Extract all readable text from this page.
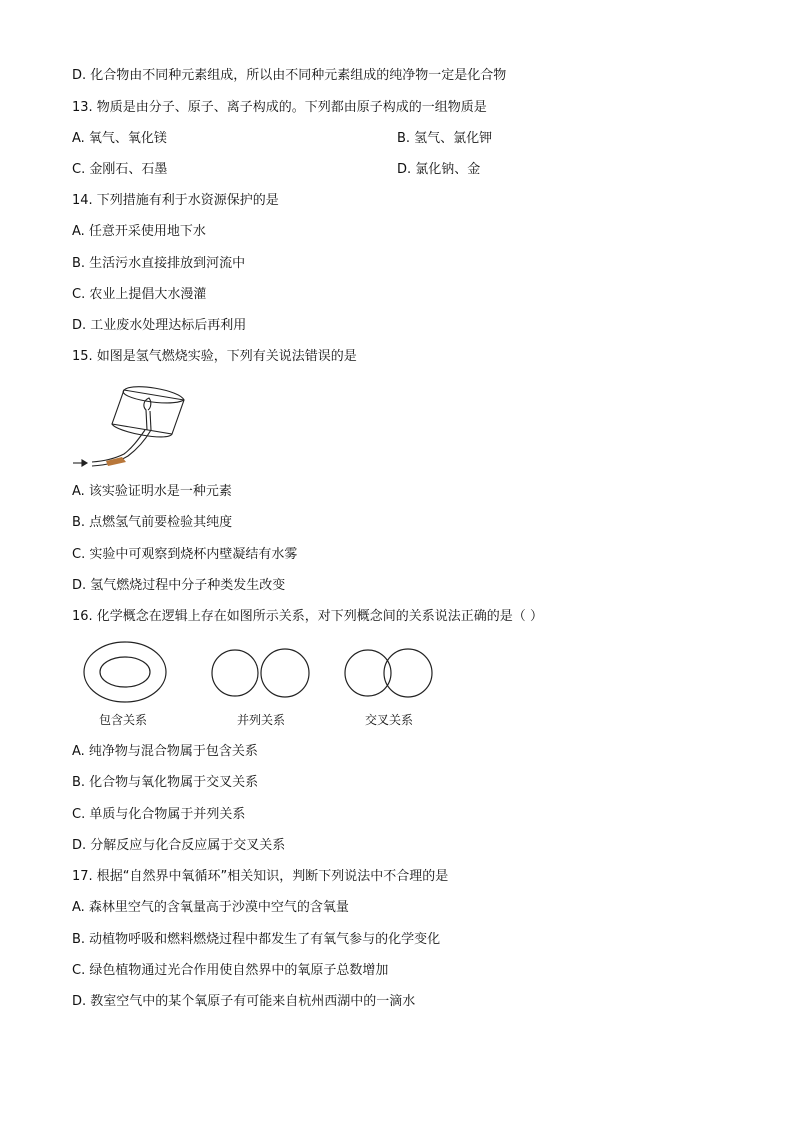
D. 化合物由不同种元素组成，所以由不同种元素组成的纯净物一定是化合物
13. 物质是由分子、原子、离子构成的。下列都由原子构成的一组物质是
A. 氧气、氧化镁	B. 氢气、氯化钾
C. 金刚石、石墨	D. 氯化钠、金
14. 下列措施有利于水资源保护的是
A. 任意开采使用地下水
B. 生活污水直接排放到河流中
C. 农业上提倡大水漫灌
D. 工业废水处理达标后再利用
15. 如图是氢气燃烧实验，下列有关说法错误的是
A. 该实验证明水是一种元素
B. 点燃氢气前要检验其纯度
C. 实验中可观察到烧杯内壁凝结有水雾
D. 氢气燃烧过程中分子种类发生改变
16. 化学概念在逻辑上存在如图所示关系，对下列概念间的关系说法正确的是（ ）
包含关系	并列关系	交叉关系
A. 纯净物与混合物属于包含关系
B. 化合物与氧化物属于交叉关系
C. 单质与化合物属于并列关系
D. 分解反应与化合反应属于交叉关系
17. 根据“自然界中氧循环”相关知识，判断下列说法中不合理的是
A. 森林里空气的含氧量高于沙漠中空气的含氧量
B. 动植物呼吸和燃料燃烧过程中都发生了有氧气参与的化学变化
C. 绿色植物通过光合作用使自然界中的氧原子总数增加
D. 教室空气中的某个氧原子有可能来自杭州西湖中的一滴水
